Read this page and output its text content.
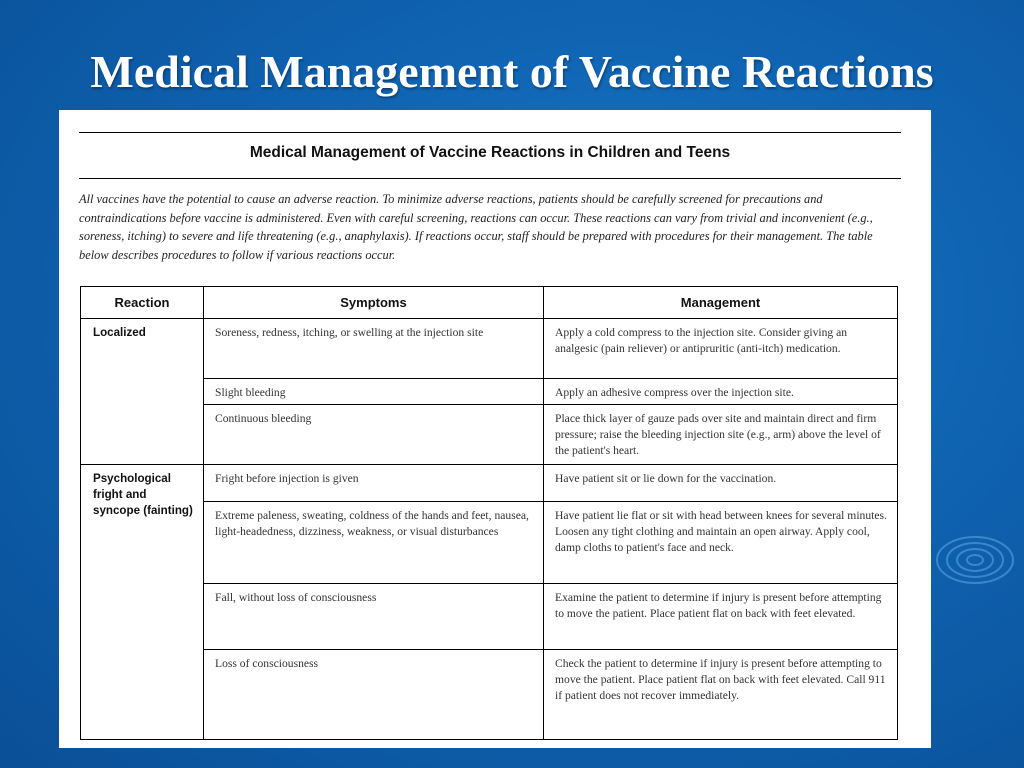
Medical Management of Vaccine Reactions
Medical Management of Vaccine Reactions in Children and Teens
All vaccines have the potential to cause an adverse reaction. To minimize adverse reactions, patients should be carefully screened for precautions and contraindications before vaccine is administered. Even with careful screening, reactions can occur. These reactions can vary from trivial and inconvenient (e.g., soreness, itching) to severe and life threatening (e.g., anaphylaxis). If reactions occur, staff should be prepared with procedures for their management. The table below describes procedures to follow if various reactions occur.
Reaction	Symptoms	Management
Localized	Soreness, redness, itching, or swelling at the injection site	Apply a cold compress to the injection site. Consider giving an analgesic (pain reliever) or antipruritic (anti-itch) medication.
	Slight bleeding	Apply an adhesive compress over the injection site.
	Continuous bleeding	Place thick layer of gauze pads over site and maintain direct and firm pressure; raise the bleeding injection site (e.g., arm) above the level of the patient's heart.
Psychological fright and syncope (fainting)	Fright before injection is given	Have patient sit or lie down for the vaccination.
	Extreme paleness, sweating, coldness of the hands and feet, nausea, light-headedness, dizziness, weakness, or visual disturbances	Have patient lie flat or sit with head between knees for several minutes. Loosen any tight clothing and maintain an open airway. Apply cool, damp cloths to patient's face and neck.
	Fall, without loss of consciousness	Examine the patient to determine if injury is present before attempting to move the patient. Place patient flat on back with feet elevated.
	Loss of consciousness	Check the patient to determine if injury is present before attempting to move the patient. Place patient flat on back with feet elevated. Call 911 if patient does not recover immediately.
